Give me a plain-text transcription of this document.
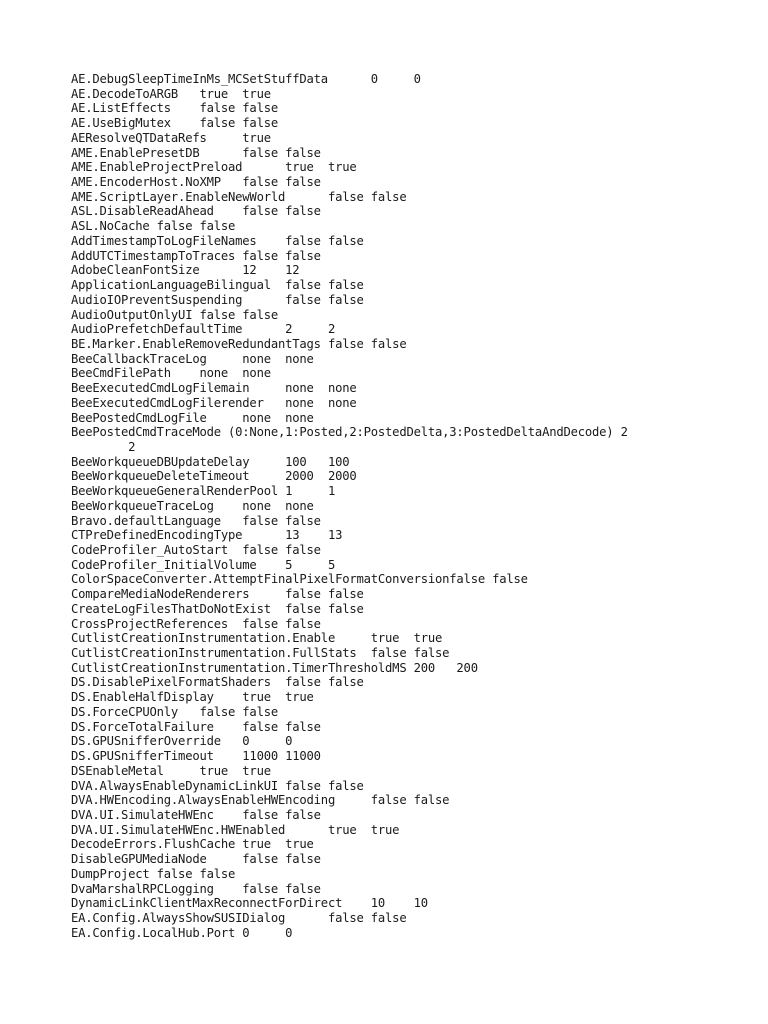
AE.DebugSleepTimeInMs_MCSetStuffData      0     0
AE.DecodeToARGB   true  true
AE.ListEffects    false false
AE.UseBigMutex    false false
AEResolveQTDataRefs     true
AME.EnablePresetDB      false false
AME.EnableProjectPreload      true  true
AME.EncoderHost.NoXMP   false false
AME.ScriptLayer.EnableNewWorld      false false
ASL.DisableReadAhead    false false
ASL.NoCache false false
AddTimestampToLogFileNames    false false
AddUTCTimestampToTraces false false
AdobeCleanFontSize      12    12
ApplicationLanguageBilingual  false false
AudioIOPreventSuspending      false false
AudioOutputOnlyUI false false
AudioPrefetchDefaultTime      2     2
BE.Marker.EnableRemoveRedundantTags false false
BeeCallbackTraceLog     none  none
BeeCmdFilePath    none  none
BeeExecutedCmdLogFilemain     none  none
BeeExecutedCmdLogFilerender   none  none
BeePostedCmdLogFile     none  none
BeePostedCmdTraceMode (0:None,1:Posted,2:PostedDelta,3:PostedDeltaAndDecode) 2
2
BeeWorkqueueDBUpdateDelay     100   100
BeeWorkqueueDeleteTimeout     2000  2000
BeeWorkqueueGeneralRenderPool 1     1
BeeWorkqueueTraceLog    none  none
Bravo.defaultLanguage   false false
CTPreDefinedEncodingType      13    13
CodeProfiler_AutoStart  false false
CodeProfiler_InitialVolume    5     5
ColorSpaceConverter.AttemptFinalPixelFormatConversionfalse false
CompareMediaNodeRenderers     false false
CreateLogFilesThatDoNotExist  false false
CrossProjectReferences  false false
CutlistCreationInstrumentation.Enable     true  true
CutlistCreationInstrumentation.FullStats  false false
CutlistCreationInstrumentation.TimerThresholdMS 200   200
DS.DisablePixelFormatShaders  false false
DS.EnableHalfDisplay    true  true
DS.ForceCPUOnly   false false
DS.ForceTotalFailure    false false
DS.GPUSnifferOverride   0     0
DS.GPUSnifferTimeout    11000 11000
DSEnableMetal     true  true
DVA.AlwaysEnableDynamicLinkUI false false
DVA.HWEncoding.AlwaysEnableHWEncoding     false false
DVA.UI.SimulateHWEnc    false false
DVA.UI.SimulateHWEnc.HWEnabled      true  true
DecodeErrors.FlushCache true  true
DisableGPUMediaNode     false false
DumpProject false false
DvaMarshalRPCLogging    false false
DynamicLinkClientMaxReconnectForDirect    10    10
EA.Config.AlwaysShowSUSIDialog      false false
EA.Config.LocalHub.Port 0     0
